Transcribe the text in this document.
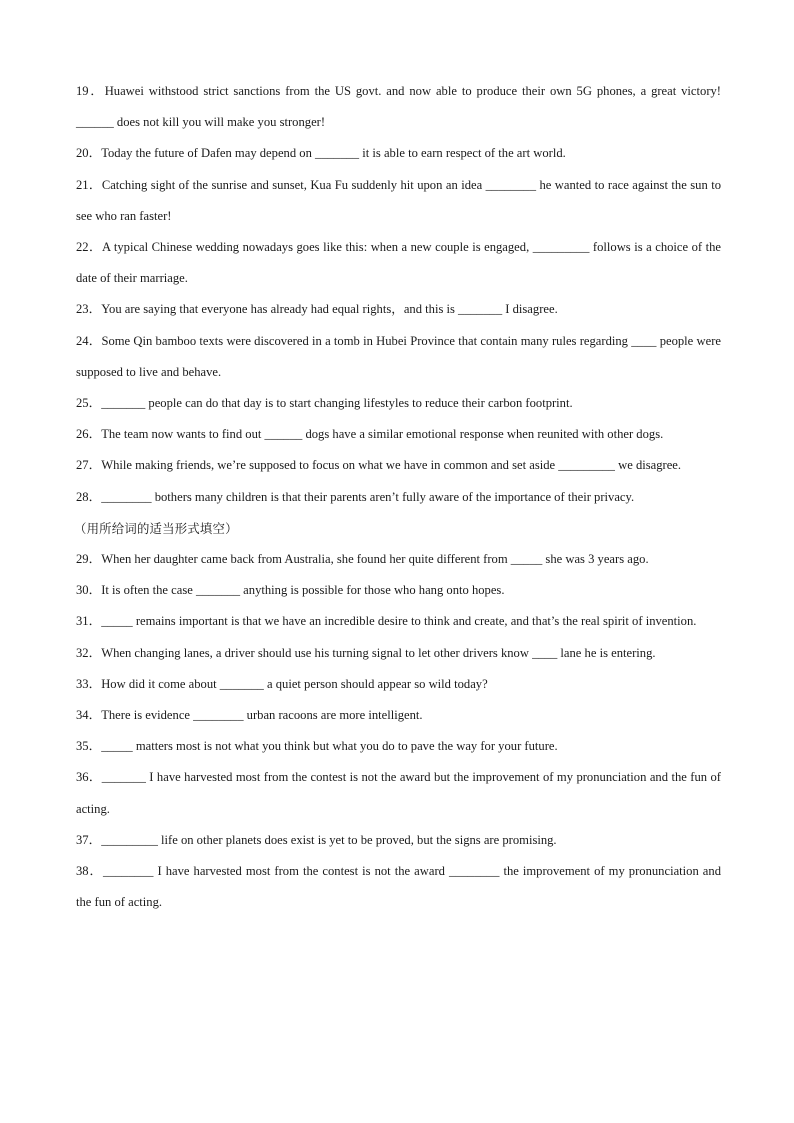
19．Huawei withstood strict sanctions from the US govt. and now able to produce their own 5G phones, a great victory! ______ does not kill you will make you stronger!

20．Today the future of Dafen may depend on _______ it is able to earn respect of the art world.

21．Catching sight of the sunrise and sunset, Kua Fu suddenly hit upon an idea ________ he wanted to race against the sun to see who ran faster!

22．A typical Chinese wedding nowadays goes like this: when a new couple is engaged, _________ follows is a choice of the date of their marriage.

23．You are saying that everyone has already had equal rights，and this is _______ I disagree.

24．Some Qin bamboo texts were discovered in a tomb in Hubei Province that contain many rules regarding ____ people were supposed to live and behave.

25．_______ people can do that day is to start changing lifestyles to reduce their carbon footprint.

26．The team now wants to find out ______ dogs have a similar emotional response when reunited with other dogs.

27．While making friends, we’re supposed to focus on what we have in common and set aside _________ we disagree.

28．________ bothers many children is that their parents aren’t fully aware of the importance of their privacy.

（用所给词的适当形式填空）

29．When her daughter came back from Australia, she found her quite different from _____ she was 3 years ago.

30．It is often the case _______ anything is possible for those who hang onto hopes.

31．_____ remains important is that we have an incredible desire to think and create, and that’s the real spirit of invention.

32．When changing lanes, a driver should use his turning signal to let other drivers know ____ lane he is entering.

33．How did it come about _______ a quiet person should appear so wild today?

34．There is evidence ________ urban racoons are more intelligent.

35．_____ matters most is not what you think but what you do to pave the way for your future.

36．_______ I have harvested most from the contest is not the award but the improvement of my pronunciation and the fun of acting.

37．_________ life on other planets does exist is yet to be proved, but the signs are promising.

38．________ I have harvested most from the contest is not the award ________ the improvement of my pronunciation and the fun of acting.
